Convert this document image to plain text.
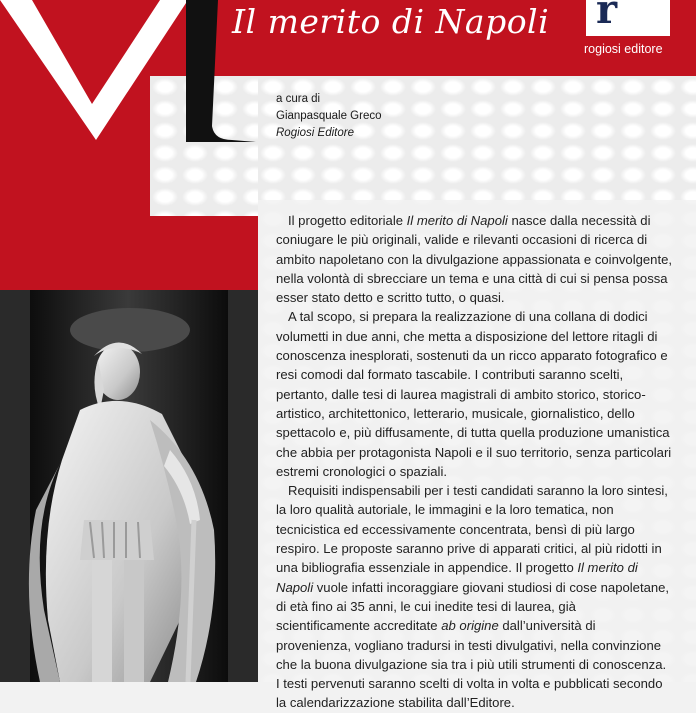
Il merito di Napoli r
rogiosi editore
a cura di
Gianpasquale Greco
Rogiosi Editore

Il progetto editoriale Il merito di Napoli nasce dalla necessità di coniugare le più originali, valide e rilevanti occasioni di ricerca di ambito napoletano con la divulgazione appassionata e coinvolgente, nella volontà di sbrecciare un tema e una città di cui si pensa possa esser stato detto e scritto tutto, o quasi.

A tal scopo, si prepara la realizzazione di una collana di dodici volumetti in due anni, che metta a disposizione del lettore ritagli di conoscenza inesplorati, sostenuti da un ricco apparato fotografico e resi comodi dal formato tascabile. I contributi saranno scelti, pertanto, dalle tesi di laurea magistrali di ambito storico, storico-artistico, architettonico, letterario, musicale, giornalistico, dello spettacolo e, più diffusamente, di tutta quella produzione umanistica che abbia per protagonista Napoli e il suo territorio, senza particolari estremi cronologici o spaziali.

Requisiti indispensabili per i testi candidati saranno la loro sintesi, la loro qualità autoriale, le immagini e la loro tematica, non tecnicistica ed eccessivamente concentrata, bensì di più largo respiro. Le proposte saranno prive di apparati critici, al più ridotti in una bibliografia essenziale in appendice. Il progetto Il merito di Napoli vuole infatti incoraggiare giovani studiosi di cose napoletane, di età fino ai 35 anni, le cui inedite tesi di laurea, già scientificamente accreditate ab origine dall’università di provenienza, vogliano tradursi in testi divulgativi, nella convinzione che la buona divulgazione sia tra i più utili strumenti di conoscenza. I testi pervenuti saranno scelti di volta in volta e pubblicati secondo la calendarizzazione stabilita dall’Editore.
